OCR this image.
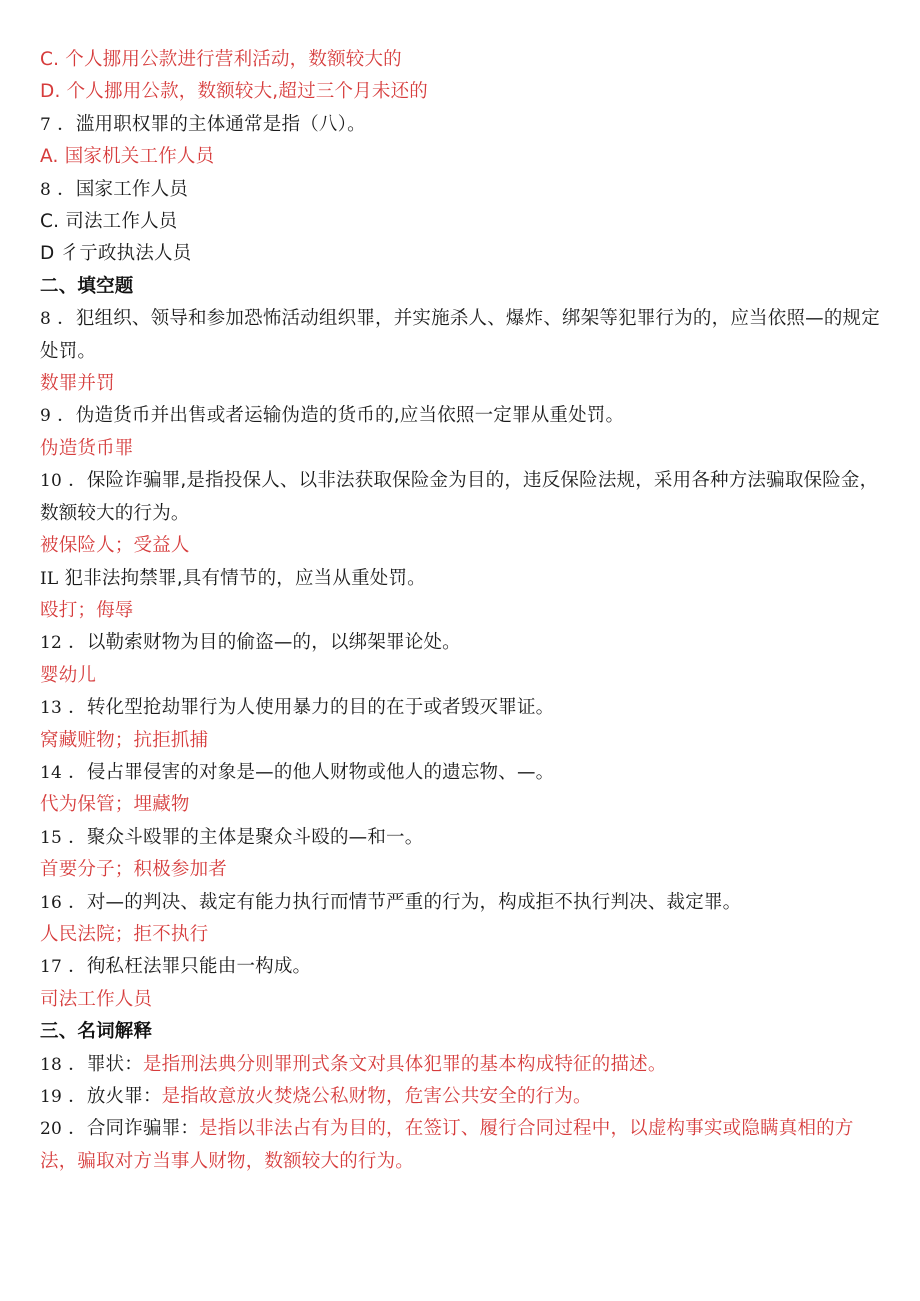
C. 个人挪用公款进行营利活动，数额较大的
D. 个人挪用公款，数额较大,超过三个月未还的
7 ．滥用职权罪的主体通常是指（八）。
A. 国家机关工作人员
8 ．国家工作人员
C. 司法工作人员
D 彳亍政执法人员
二、填空题
8 ．犯组织、领导和参加恐怖活动组织罪，并实施杀人、爆炸、绑架等犯罪行为的，应当依照—的规定处罚。
数罪并罚
9 ．伪造货币并出售或者运输伪造的货币的,应当依照一定罪从重处罚。
伪造货币罪
10 ．保险诈骗罪,是指投保人、以非法获取保险金为目的，违反保险法规，采用各种方法骗取保险金，数额较大的行为。
被保险人；受益人
IL 犯非法拘禁罪,具有情节的，应当从重处罚。
殴打；侮辱
12 ．以勒索财物为目的偷盗—的，以绑架罪论处。
婴幼儿
13 ．转化型抢劫罪行为人使用暴力的目的在于或者毁灭罪证。
窝藏赃物；抗拒抓捕
14 ．侵占罪侵害的对象是—的他人财物或他人的遗忘物、—。
代为保管；埋藏物
15 ．聚众斗殴罪的主体是聚众斗殴的—和一。
首要分子；积极参加者
16 ．对—的判决、裁定有能力执行而情节严重的行为，构成拒不执行判决、裁定罪。
人民法院；拒不执行
17 ．徇私枉法罪只能由一构成。
司法工作人员
三、名词解释
18 ．罪状：是指刑法典分则罪刑式条文对具体犯罪的基本构成特征的描述。
19 ．放火罪：是指故意放火焚烧公私财物，危害公共安全的行为。
20 ．合同诈骗罪：是指以非法占有为目的，在签订、履行合同过程中，以虚构事实或隐瞒真相的方法，骗取对方当事人财物，数额较大的行为。
